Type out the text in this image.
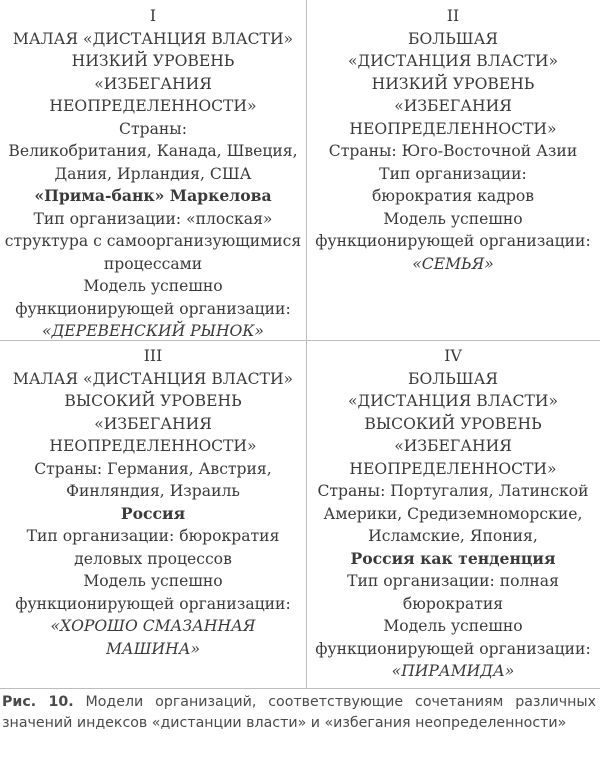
I
МАЛАЯ «ДИСТАНЦИЯ ВЛАСТИ»
НИЗКИЙ УРОВЕНЬ
«ИЗБЕГАНИЯ
НЕОПРЕДЕЛЕННОСТИ»
Страны:
Великобритания, Канада, Швеция,
Дания, Ирландия, США
«Прима-банк» Маркелова
Тип организации: «плоская»
структура с самоорганизующимися
процессами
Модель успешно
функционирующей организации:
«ДЕРЕВЕНСКИЙ РЫНОК»
II
БОЛЬШАЯ
«ДИСТАНЦИЯ ВЛАСТИ»
НИЗКИЙ УРОВЕНЬ
«ИЗБЕГАНИЯ
НЕОПРЕДЕЛЕННОСТИ»
Страны: Юго-Восточной Азии
Тип организации:
бюрократия кадров
Модель успешно
функционирующей организации:
«СЕМЬЯ»
III
МАЛАЯ «ДИСТАНЦИЯ ВЛАСТИ»
ВЫСОКИЙ УРОВЕНЬ
«ИЗБЕГАНИЯ
НЕОПРЕДЕЛЕННОСТИ»
Страны: Германия, Австрия,
Финляндия, Израиль
Россия
Тип организации: бюрократия
деловых процессов
Модель успешно
функционирующей организации:
«ХОРОШО СМАЗАННАЯ
МАШИНА»
IV
БОЛЬШАЯ
«ДИСТАНЦИЯ ВЛАСТИ»
ВЫСОКИЙ УРОВЕНЬ
«ИЗБЕГАНИЯ
НЕОПРЕДЕЛЕННОСТИ»
Страны: Португалия, Латинской
Америки, Средиземноморские,
Исламские, Япония,
Россия как тенденция
Тип организации: полная
бюрократия
Модель успешно
функционирующей организации:
«ПИРАМИДА»
Рис. 10. Модели организаций, соответствующие сочетаниям различных значений индексов «дистанции власти» и «избегания неопределенности»
